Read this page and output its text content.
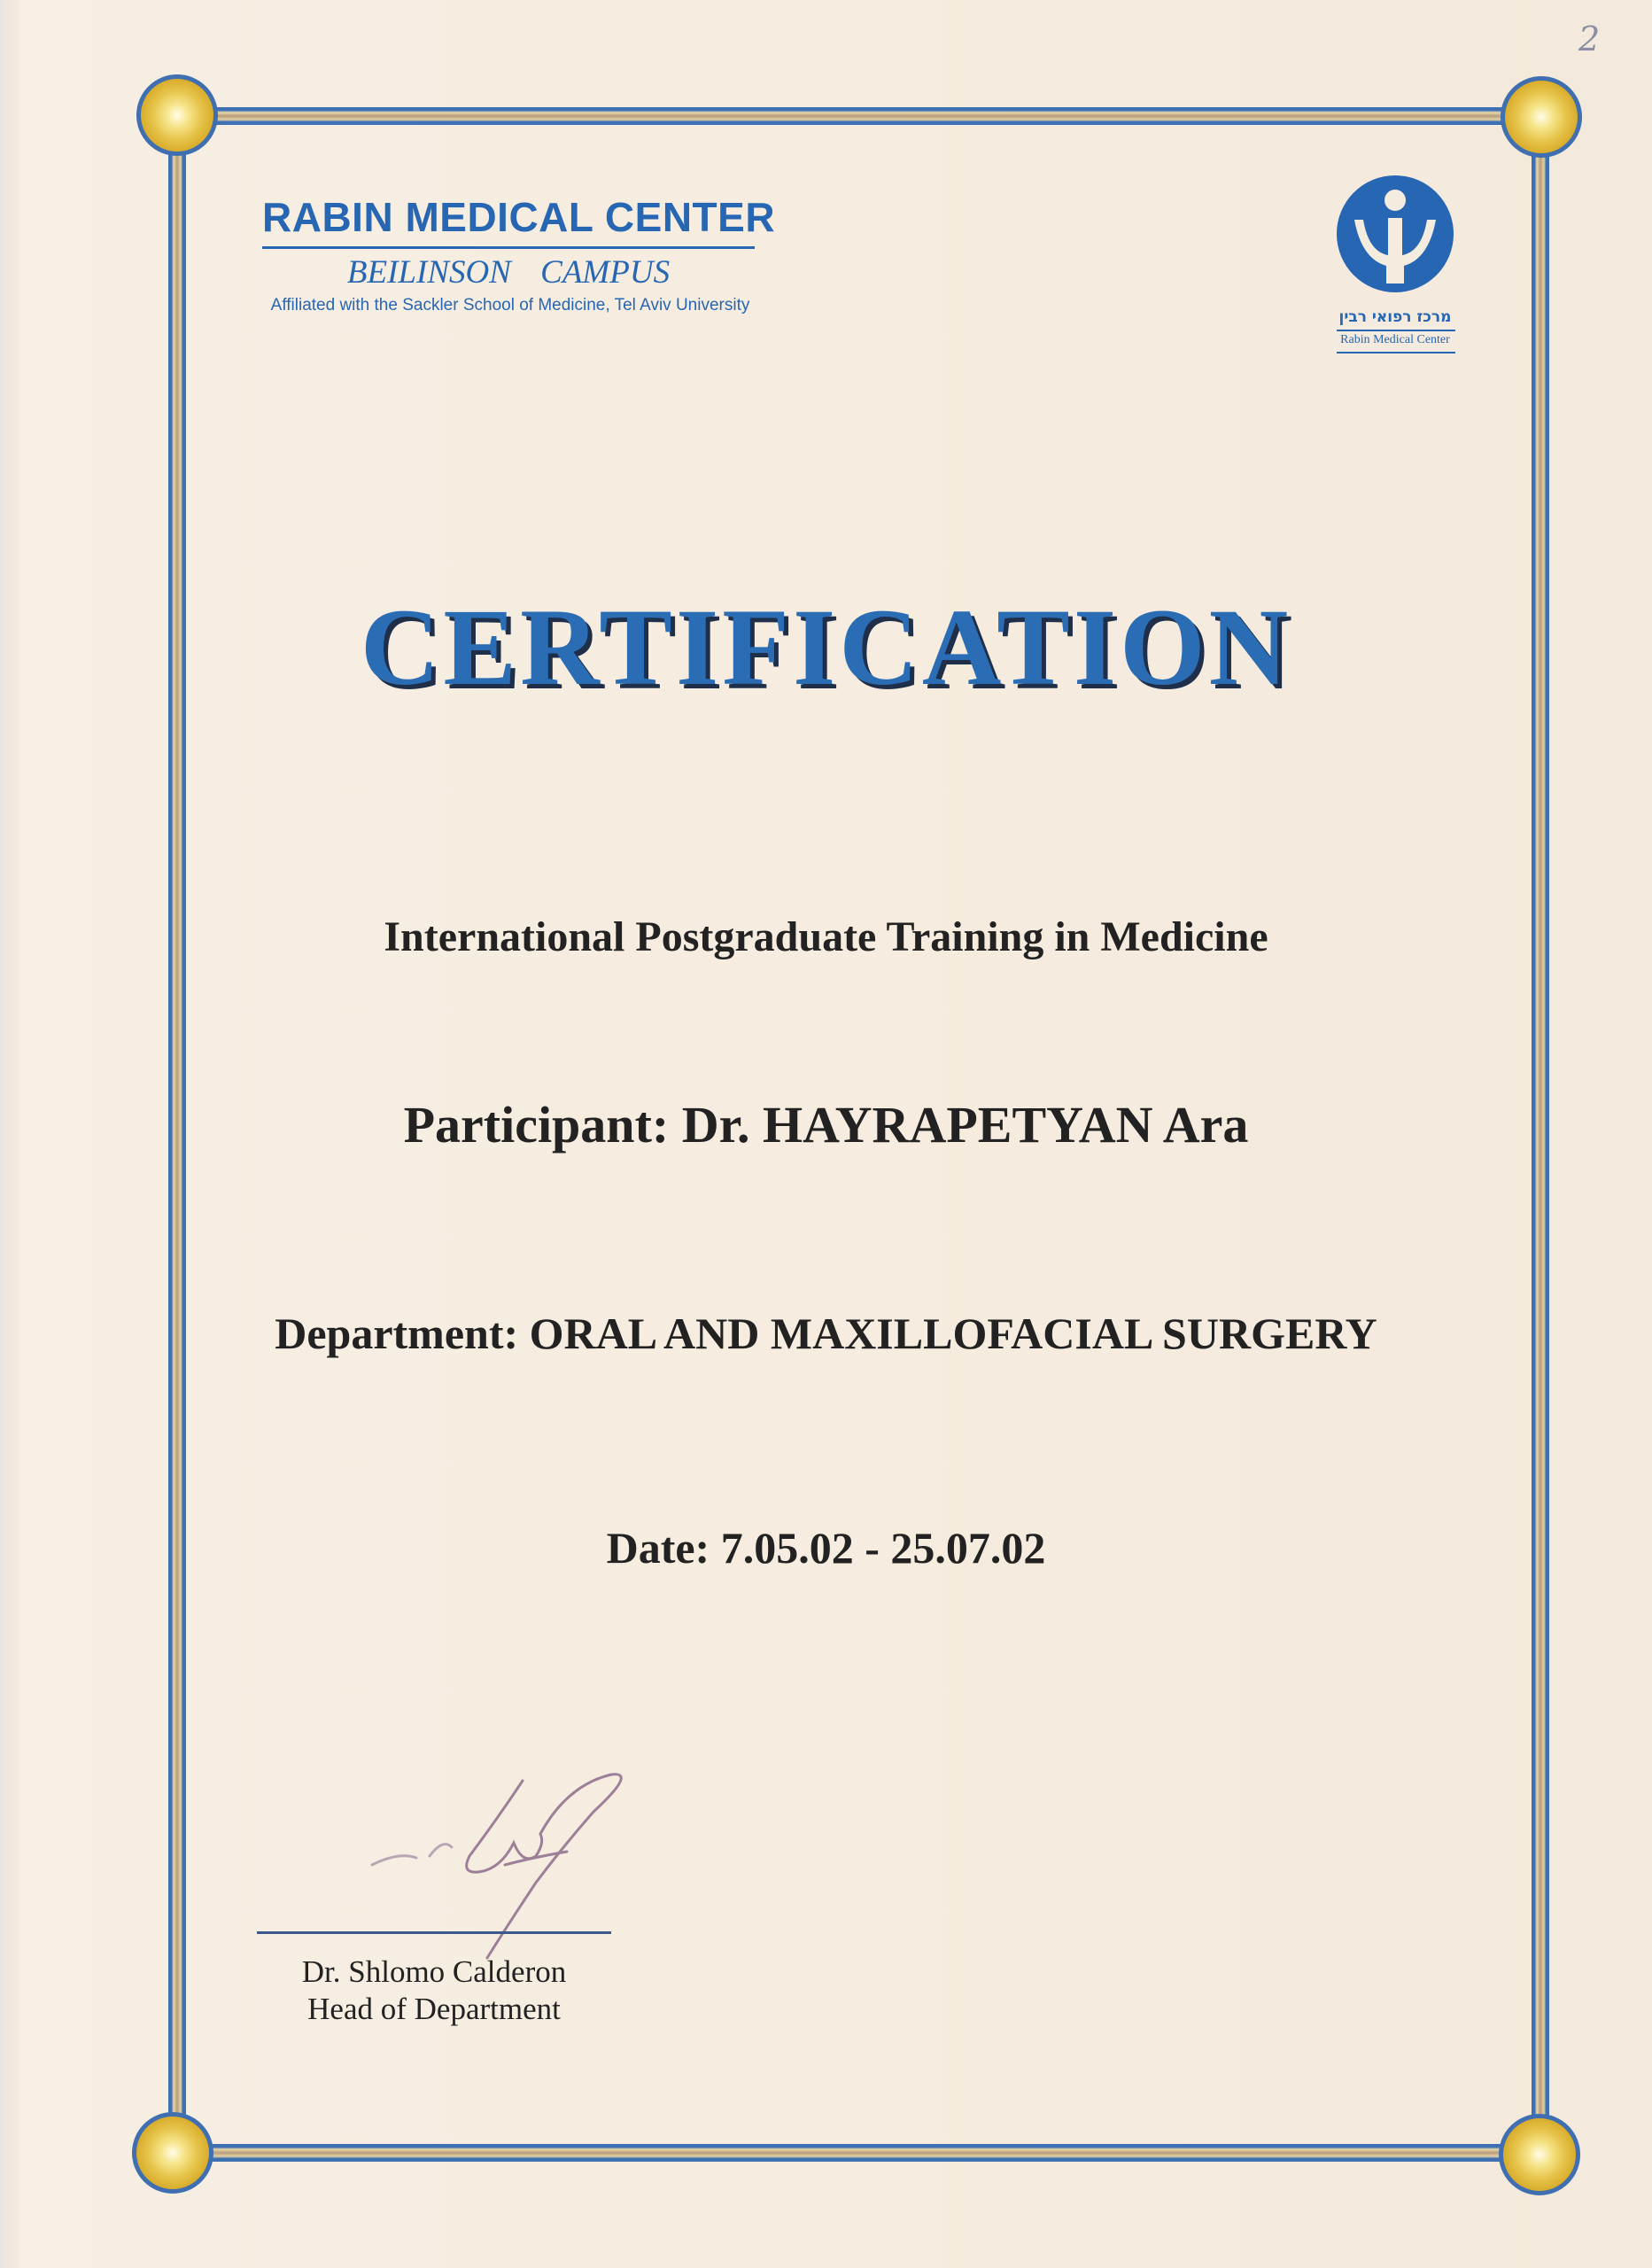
2
RABIN MEDICAL CENTER
BEILINSON CAMPUS
Affiliated with the Sackler School of Medicine, Tel Aviv University
מרכז רפואי רבין
Rabin Medical Center
CERTIFICATION
International Postgraduate Training in Medicine
Participant: Dr. HAYRAPETYAN Ara
Department: ORAL AND MAXILLOFACIAL SURGERY
Date: 7.05.02 - 25.07.02
Dr. Shlomo Calderon
Head of Department
